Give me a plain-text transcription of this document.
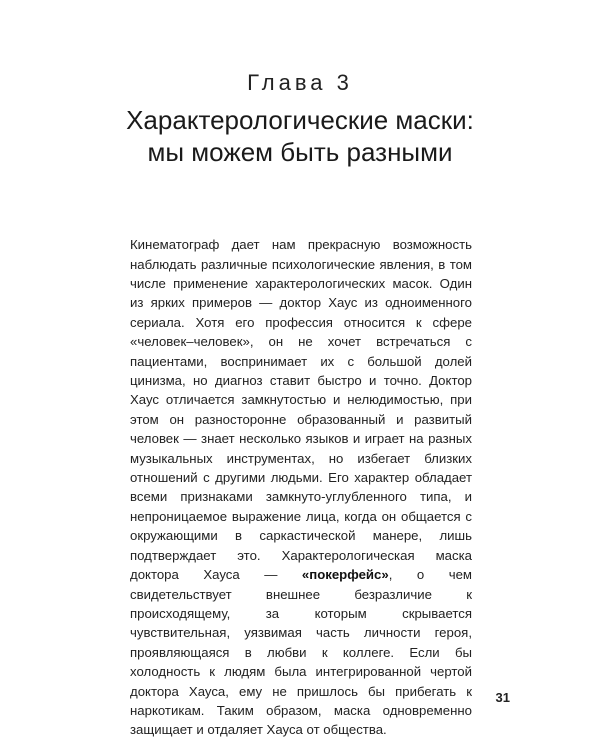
Глава 3
Характерологические маски:
мы можем быть разными

Кинематограф дает нам прекрасную возможность наблюдать различные психологические явления, в том числе применение характерологических масок. Один из ярких примеров — доктор Хаус из одноименного сериала. Хотя его профессия относится к сфере «человек–человек», он не хочет встречаться с пациентами, воспринимает их с большой долей цинизма, но диагноз ставит быстро и точно. Доктор Хаус отличается замкнутостью и нелюдимостью, при этом он разносторонне образованный и развитый человек — знает несколько языков и играет на разных музыкальных инструментах, но избегает близких отношений с другими людьми. Его характер обладает всеми признаками замкнуто-углубленного типа, и непроницаемое выражение лица, когда он общается с окружающими в саркастической манере, лишь подтверждает это. Характерологическая маска доктора Хауса — «покерфейс», о чем свидетельствует внешнее безразличие к происходящему, за которым скрывается чувствительная, уязвимая часть личности героя, проявляющаяся в любви к коллеге. Если бы холодность к людям была интегрированной чертой доктора Хауса, ему не пришлось бы прибегать к наркотикам. Таким образом, маска одновременно защищает и отдаляет Хауса от общества.

31
